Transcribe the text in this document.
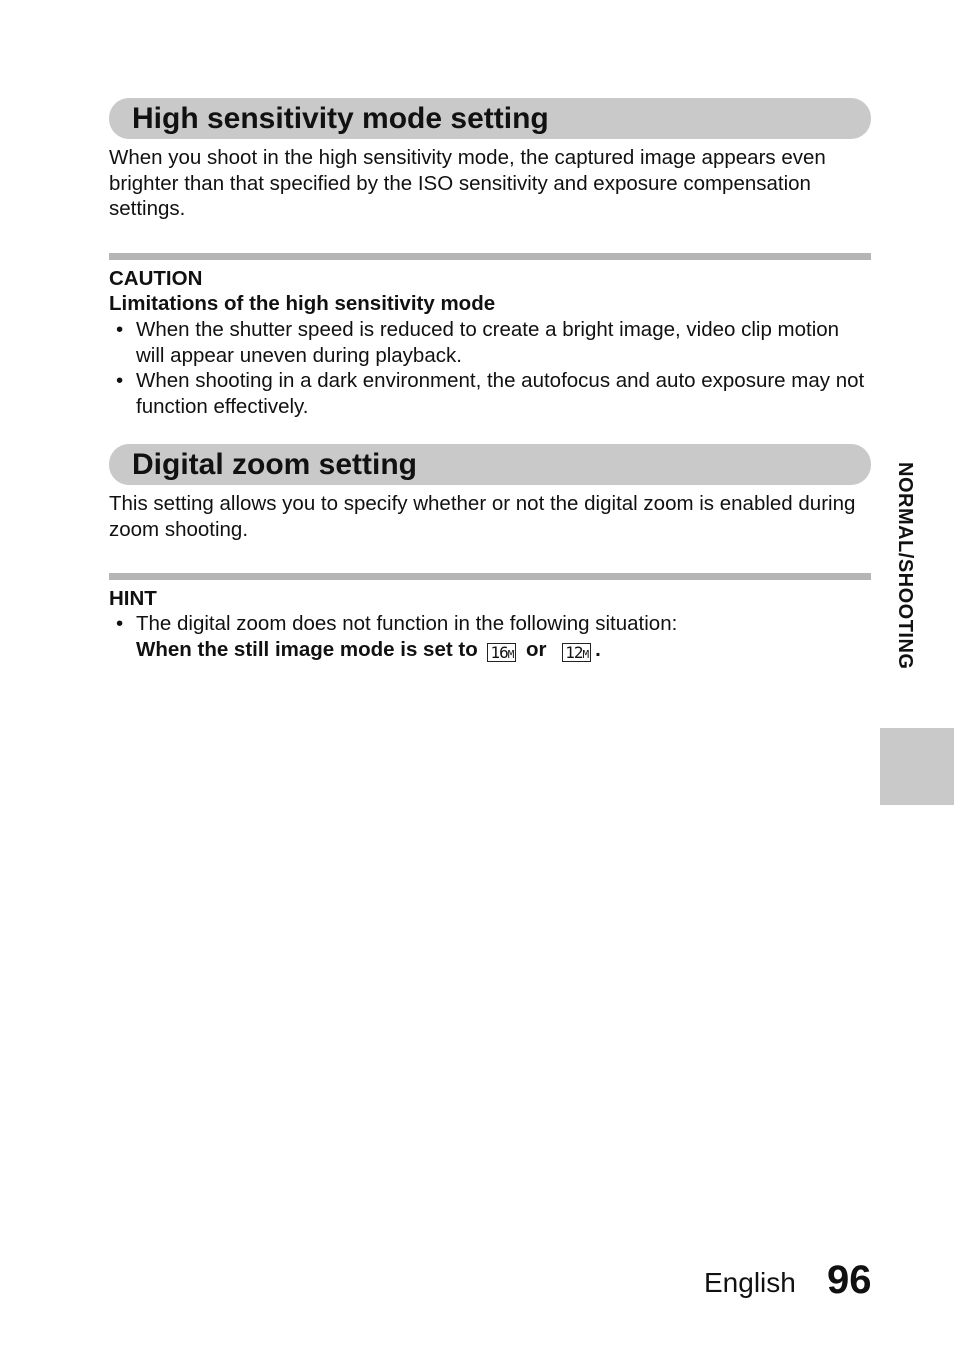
High sensitivity mode setting

When you shoot in the high sensitivity mode, the captured image appears even brighter than that specified by the ISO sensitivity and exposure compensation settings.

CAUTION
Limitations of the high sensitivity mode
• When the shutter speed is reduced to create a bright image, video clip motion will appear uneven during playback.
• When shooting in a dark environment, the autofocus and auto exposure may not function effectively.
Digital zoom setting

This setting allows you to specify whether or not the digital zoom is enabled during zoom shooting.

HINT
• The digital zoom does not function in the following situation:
When the still image mode is set to 16 M or 12 M .	NORMAL/SHOOTING
English 96
